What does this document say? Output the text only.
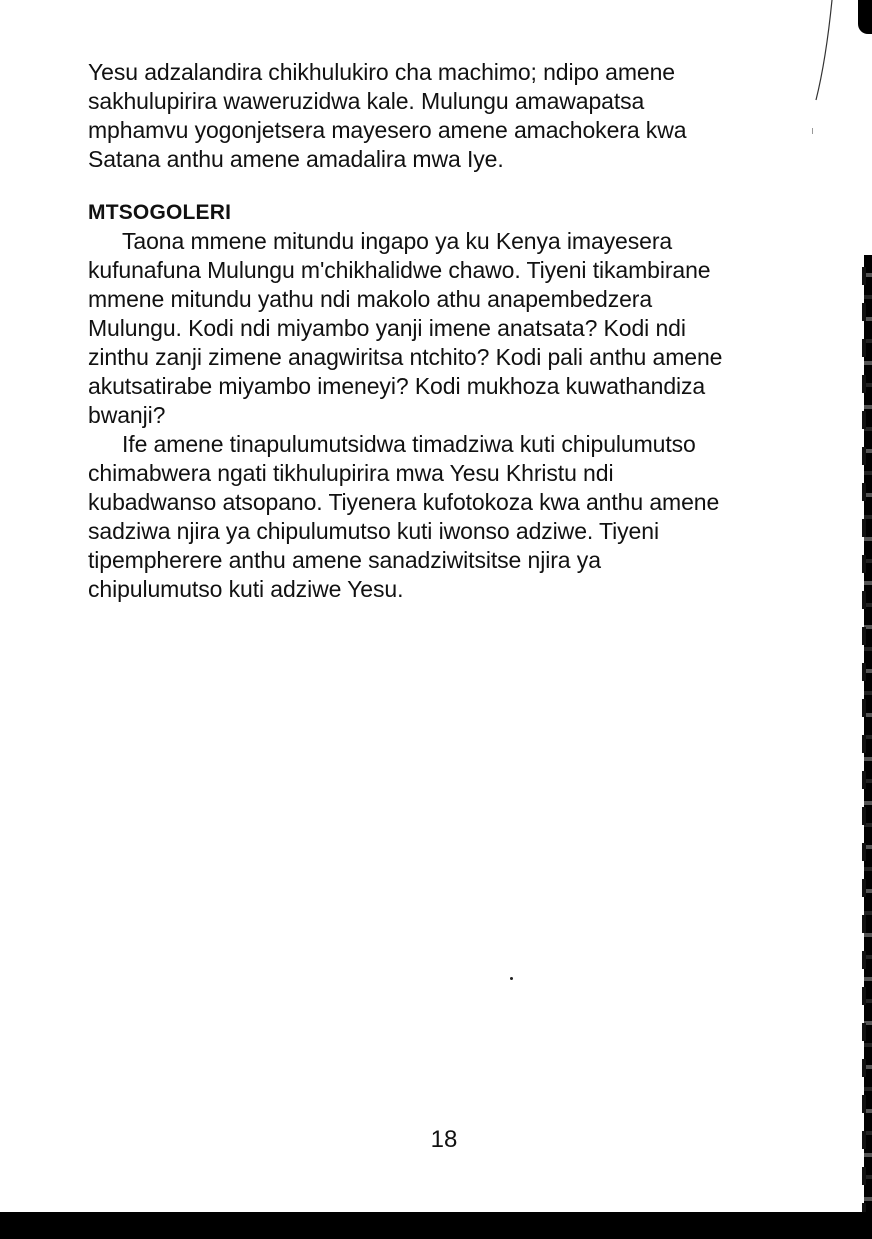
Yesu adzalandira chikhulukiro cha machimo; ndipo amene
sakhulupirira waweruzidwa kale. Mulungu amawapatsa
mphamvu yogonjetsera mayesero amene amachokera kwa
Satana anthu amene amadalira mwa Iye.

MTSOGOLERI

Taona mmene mitundu ingapo ya ku Kenya imayesera
kufunafuna Mulungu m'chikhalidwe chawo. Tiyeni tikambirane
mmene mitundu yathu ndi makolo athu anapembedzera
Mulungu. Kodi ndi miyambo yanji imene anatsata? Kodi ndi
zinthu zanji zimene anagwiritsa ntchito? Kodi pali anthu amene
akutsatirabe miyambo imeneyi? Kodi mukhoza kuwathandiza
bwanji?

Ife amene tinapulumutsidwa timadziwa kuti chipulumutso
chimabwera ngati tikhulupirira mwa Yesu Khristu ndi
kubadwanso atsopano. Tiyenera kufotokoza kwa anthu amene
sadziwa njira ya chipulumutso kuti iwonso adziwe. Tiyeni
tipempherere anthu amene sanadziwitsitse njira ya
chipulumutso kuti adziwe Yesu.

18
